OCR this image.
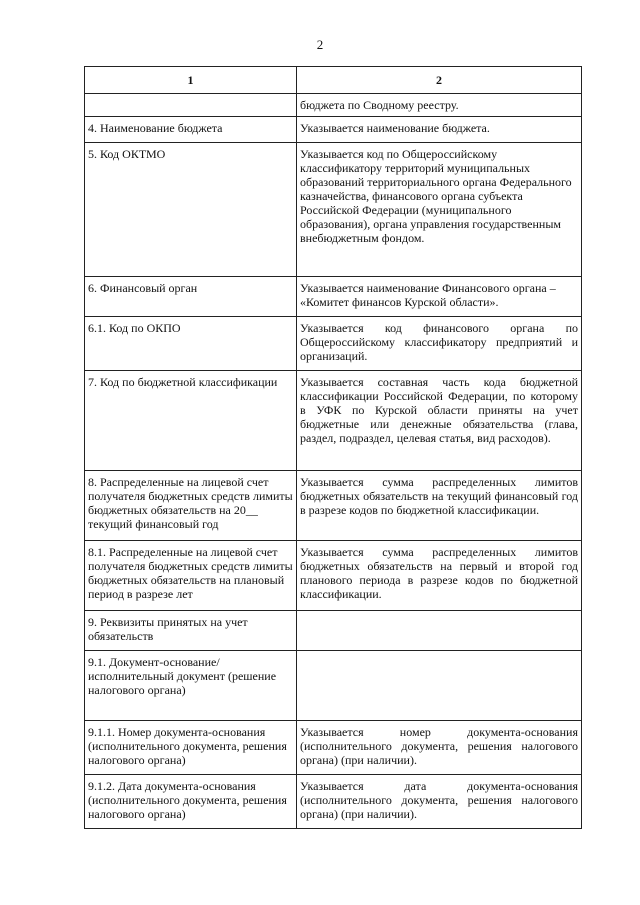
2
1	2
	бюджета по Сводному реестру.
4. Наименование бюджета	Указывается наименование бюджета.
5. Код ОКТМО	Указывается код по Общероссийскому классификатору территорий муниципальных образований территориального органа Федерального казначейства, финансового органа субъекта Российской Федерации (муниципального образования), органа управления государственным внебюджетным фондом.
6. Финансовый орган	Указывается наименование Финансового органа – «Комитет финансов Курской области».
6.1. Код по ОКПО	Указывается код финансового органа по Общероссийскому классификатору предприятий и организаций.
7. Код по бюджетной классификации	Указывается составная часть кода бюджетной классификации Российской Федерации, по которому в УФК по Курской области приняты на учет бюджетные или денежные обязательства (глава, раздел, подраздел, целевая статья, вид расходов).
8. Распределенные на лицевой счет получателя бюджетных средств лимиты бюджетных обязательств на 20__ текущий финансовый год	Указывается сумма распределенных лимитов бюджетных обязательств на текущий финансовый год в разрезе кодов по бюджетной классификации.
8.1. Распределенные на лицевой счет получателя бюджетных средств лимиты бюджетных обязательств на плановый период в разрезе лет	Указывается сумма распределенных лимитов бюджетных обязательств на первый и второй год планового периода в разрезе кодов по бюджетной классификации.
9. Реквизиты принятых на учет обязательств	
9.1. Документ-основание/исполнительный документ (решение налогового органа)	
9.1.1. Номер документа-основания (исполнительного документа, решения налогового органа)	Указывается номер документа-основания (исполнительного документа, решения налогового органа) (при наличии).
9.1.2. Дата документа-основания (исполнительного документа, решения налогового органа)	Указывается дата документа-основания (исполнительного документа, решения налогового органа) (при наличии).
